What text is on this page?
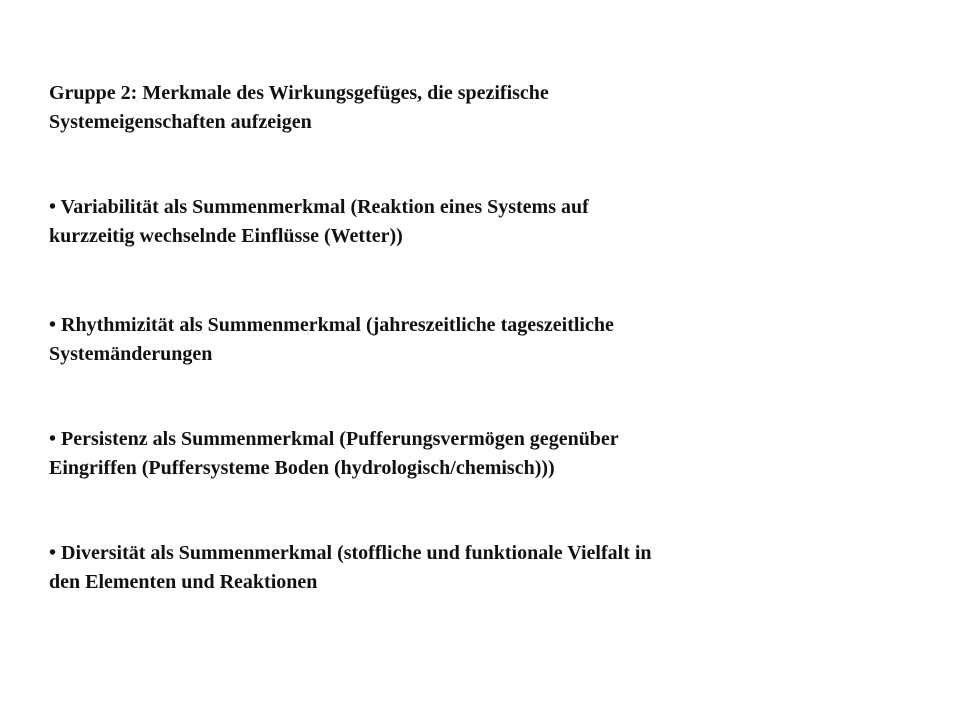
Gruppe 2: Merkmale des Wirkungsgefüges, die spezifische
Systemeigenschaften aufzeigen

• Variabilität als Summenmerkmal (Reaktion eines Systems auf
kurzzeitig wechselnde Einflüsse (Wetter))

• Rhythmizität als Summenmerkmal (jahreszeitliche tageszeitliche
Systemänderungen

• Persistenz als Summenmerkmal (Pufferungsvermögen gegenüber
Eingriffen (Puffersysteme Boden (hydrologisch/chemisch)))

• Diversität als Summenmerkmal (stoffliche und funktionale Vielfalt in
den Elementen und Reaktionen
